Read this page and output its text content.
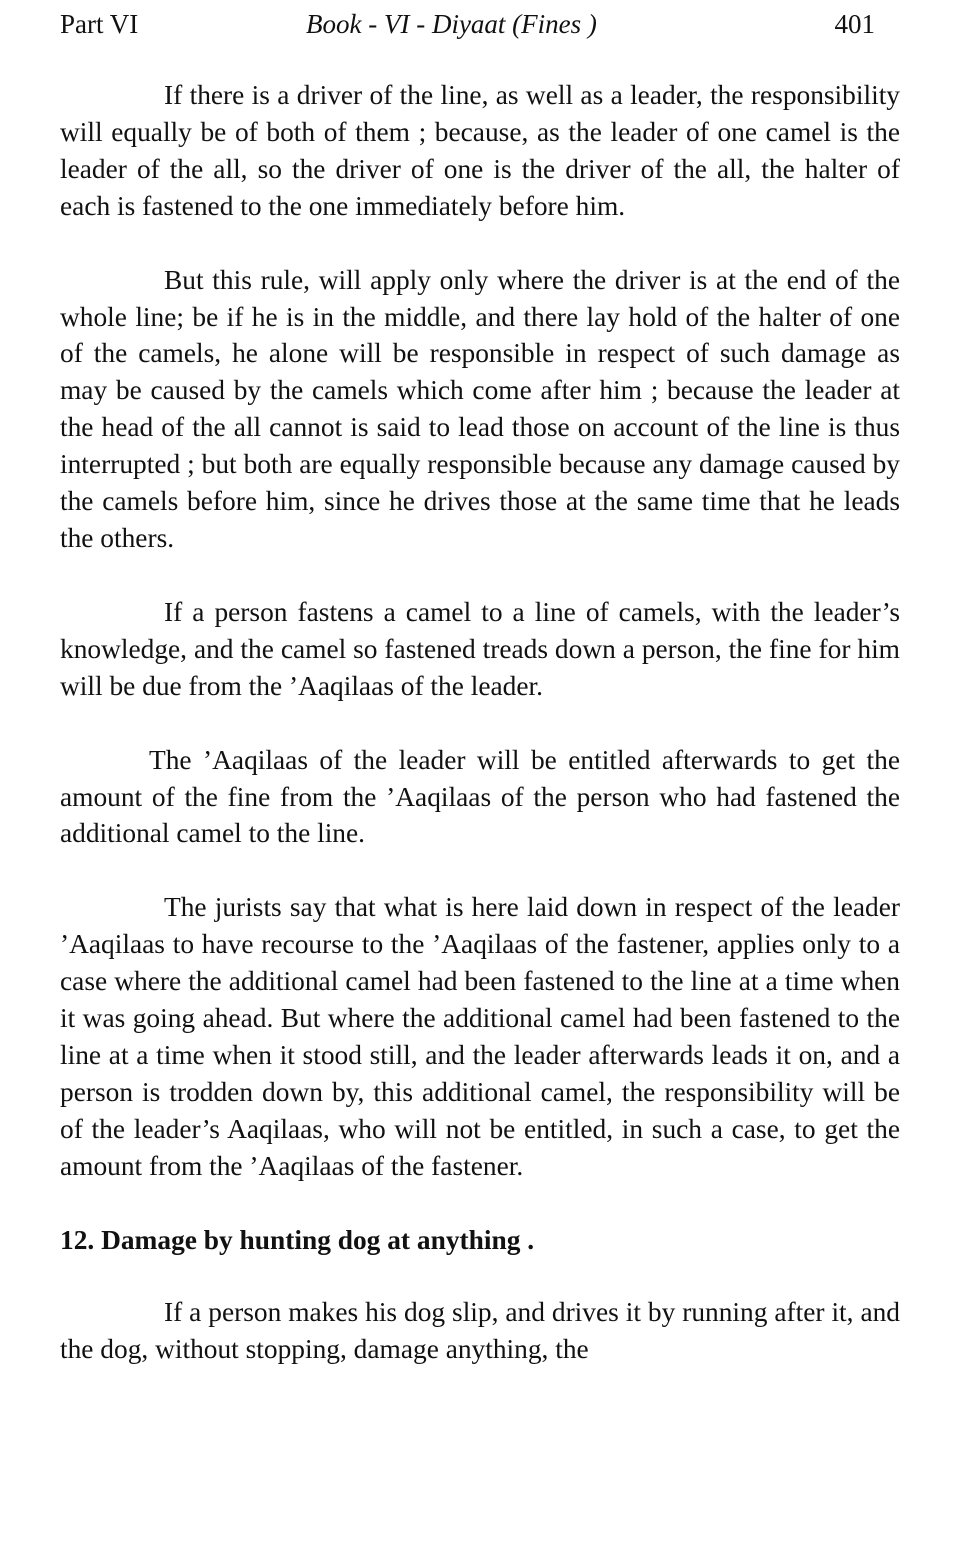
Part VI	Book - VI - Diyaat (Fines )	401

If there is a driver of the line, as well as a leader, the responsibility will equally be of both of them ; because, as the leader of one camel is the leader of the all, so the driver of one is the driver of the all, the halter of each is fastened to the one immediately before him.

But this rule, will apply only where the driver is at the end of the whole line; be if he is in the middle, and there lay hold of the halter of one of the camels, he alone will be responsible in respect of such damage as may be caused by the camels which come after him ; because the leader at the head of the all cannot is said to lead those on account of the line is thus interrupted ; but both are equally responsible because any damage caused by the camels before him, since he drives those at the same time that he leads the others.

If a person fastens a camel to a line of camels, with the leader’s knowledge, and the camel so fastened treads down a person, the fine for him will be due from the ’Aaqilaas of the leader.

The ’Aaqilaas of the leader will be entitled afterwards to get the amount of the fine from the ’Aaqilaas of the person who had fastened the additional camel to the line.

The jurists say that what is here laid down in respect of the leader ’Aaqilaas to have recourse to the ’Aaqilaas of the fastener, applies only to a case where the additional camel had been fastened to the line at a time when it was going ahead. But where the additional camel had been fastened to the line at a time when it stood still, and the leader afterwards leads it on, and a person is trodden down by, this additional camel, the responsibility will be of the leader’s Aaqilaas, who will not be entitled, in such a case, to get the amount from the ’Aaqilaas of the fastener.

12. Damage by hunting dog at anything .

If a person makes his dog slip, and drives it by running after it, and the dog, without stopping, damage anything, the
